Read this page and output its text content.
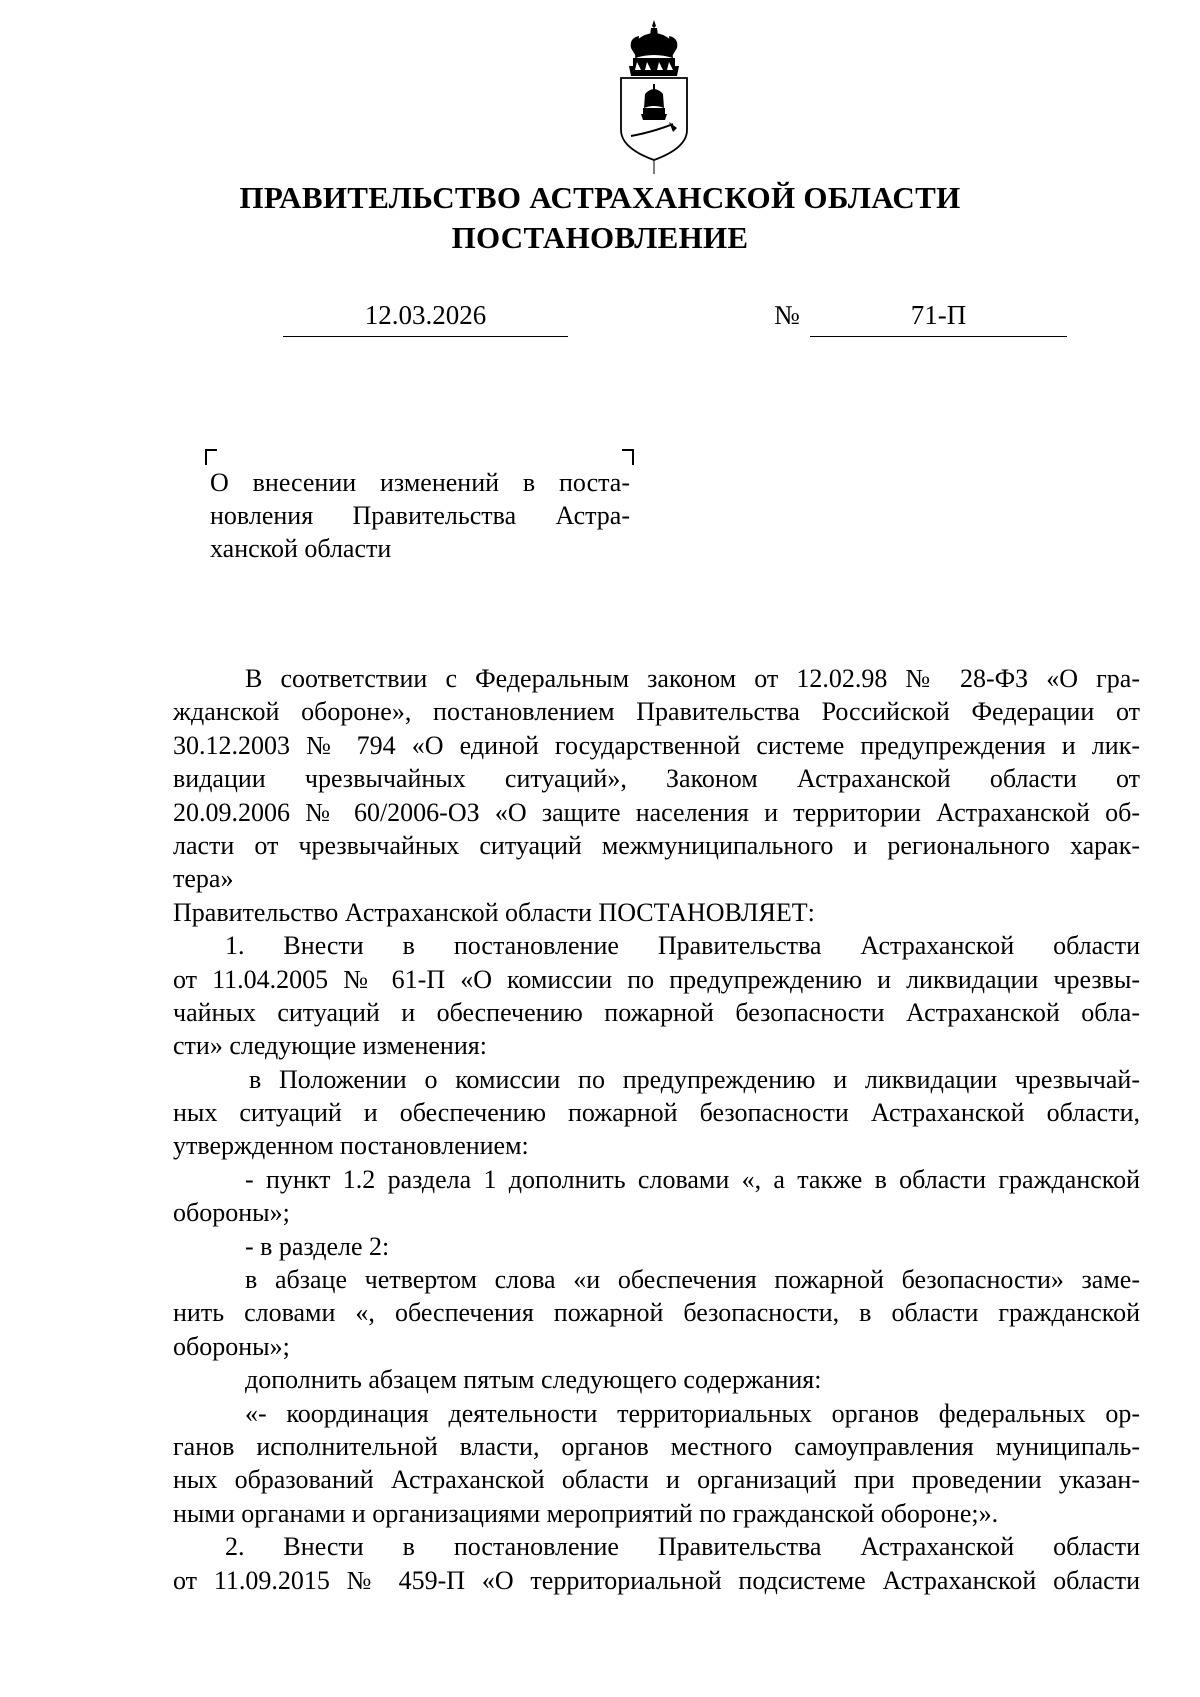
ПРАВИТЕЛЬСТВО АСТРАХАНСКОЙ ОБЛАСТИ
ПОСТАНОВЛЕНИЕ
12.03.2026	№	71-П
О внесении изменений в поста-
новления Правительства Астра-
ханской области
В соответствии с Федеральным законом от 12.02.98 № 28-ФЗ «О гра-
жданской обороне», постановлением Правительства Российской Федерации от
30.12.2003 № 794 «О единой государственной системе предупреждения и лик-
видации чрезвычайных ситуаций», Законом Астраханской области от
20.09.2006 № 60/2006-ОЗ «О защите населения и территории Астраханской об-
ласти от чрезвычайных ситуаций межмуниципального и регионального харак-
тера»
Правительство Астраханской области ПОСТАНОВЛЯЕТ:
1. Внести в постановление Правительства Астраханской области
от 11.04.2005 № 61-П «О комиссии по предупреждению и ликвидации чрезвы-
чайных ситуаций и обеспечению пожарной безопасности Астраханской обла-
сти» следующие изменения:
в Положении о комиссии по предупреждению и ликвидации чрезвычай-
ных ситуаций и обеспечению пожарной безопасности Астраханской области,
утвержденном постановлением:
- пункт 1.2 раздела 1 дополнить словами «, а также в области гражданской
обороны»;
- в разделе 2:
в абзаце четвертом слова «и обеспечения пожарной безопасности» заме-
нить словами «, обеспечения пожарной безопасности, в области гражданской
обороны»;
дополнить абзацем пятым следующего содержания:
«- координация деятельности территориальных органов федеральных ор-
ганов исполнительной власти, органов местного самоуправления муниципаль-
ных образований Астраханской области и организаций при проведении указан-
ными органами и организациями мероприятий по гражданской обороне;».
2. Внести в постановление Правительства Астраханской области
от 11.09.2015 № 459-П «О территориальной подсистеме Астраханской области
